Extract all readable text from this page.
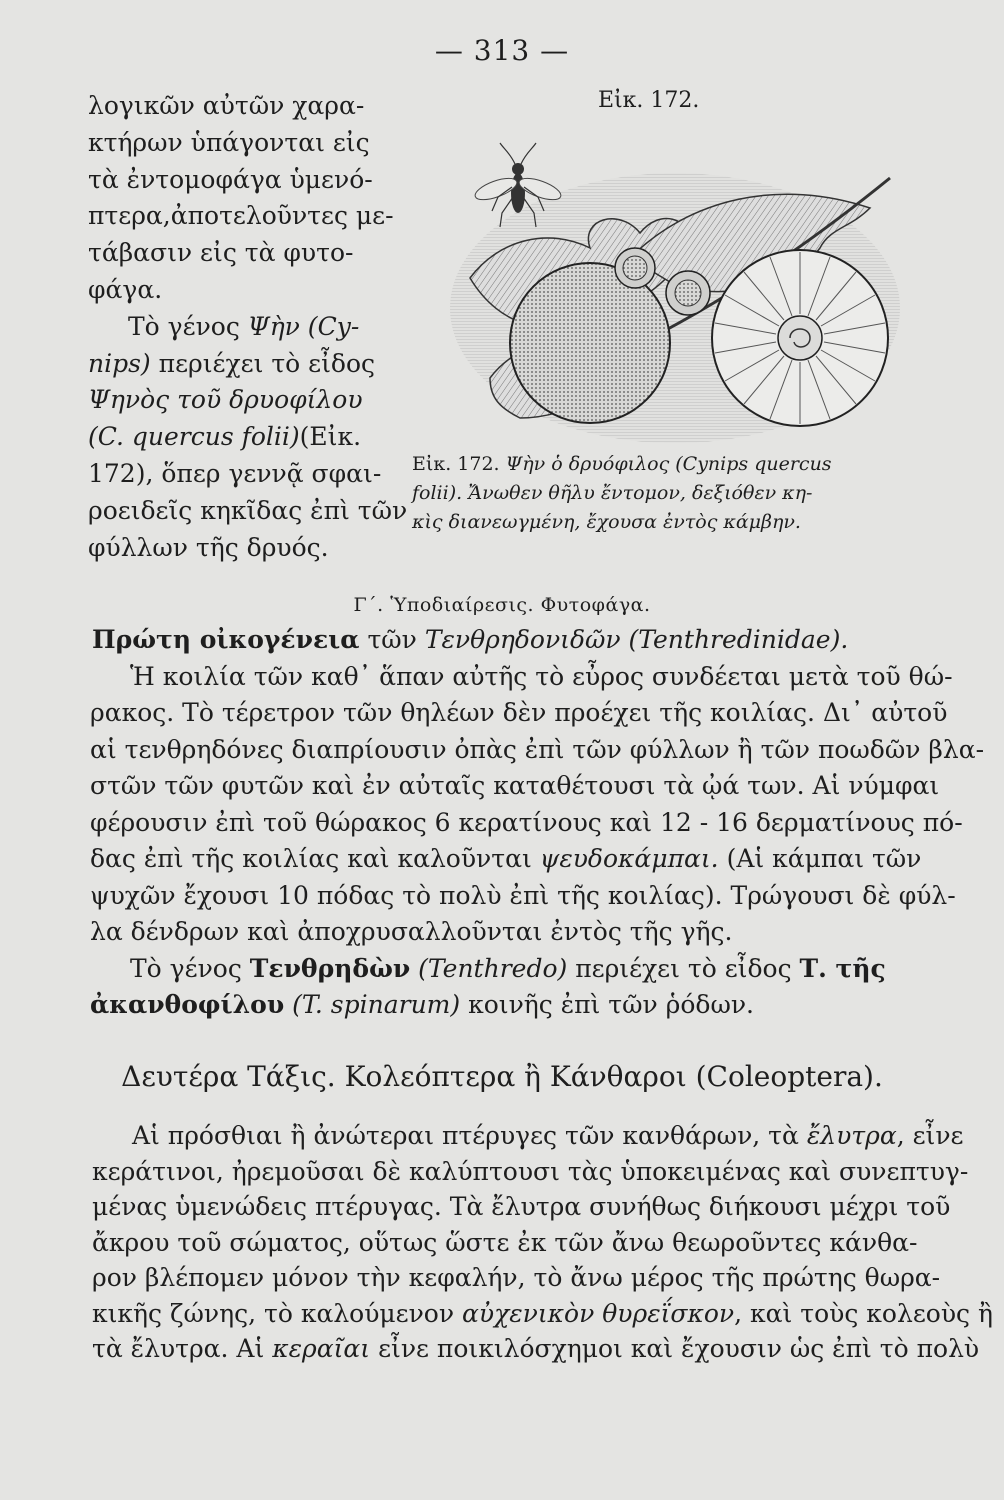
— 313 —
λογικῶν αὐτῶν χαρα-
κτήρων ὑπάγονται εἰς
τὰ ἐντομοφάγα ὑμενό-
πτερα,ἀποτελοῦντες με-
τάβασιν εἰς τὰ φυτο-
φάγα.
Τὸ γένος Ψὴν (Cy-
nips) περιέχει τὸ εἶδος
Ψηνὸς τοῦ δρυοφίλου
(C. quercus folii)(Εἰκ.
172), ὅπερ γεννᾷ σφαι-
ροειδεῖς κηκῖδας ἐπὶ τῶν
φύλλων τῆς δρυός.
Εἰκ. 172.
Εἰκ. 172. Ψὴν ὁ δρυόφιλος (Cynips quercus
folii). Ἄνωθεν θῆλυ ἔντομον, δεξιόθεν κη-
κὶς διανεωγμένη, ἔχουσα ἐντὸς κάμβην.
Γ΄. Ὑποδιαίρεσις. Φυτοφάγα.
Πρώτη οἰκογένεια τῶν Τενθρηδονιδῶν (Tenthredinidae).
Ἡ κοιλία τῶν καθ᾽ ἅπαν αὐτῆς τὸ εὖρος συνδέεται μετὰ τοῦ θώ-
ρακος. Τὸ τέρετρον τῶν θηλέων δὲν προέχει τῆς κοιλίας. Δι᾽ αὐτοῦ
αἱ τενθρηδόνες διαπρίουσιν ὀπὰς ἐπὶ τῶν φύλλων ἢ τῶν ποωδῶν βλα-
στῶν τῶν φυτῶν καὶ ἐν αὐταῖς καταθέτουσι τὰ ᾠά των. Αἱ νύμφαι
φέρουσιν ἐπὶ τοῦ θώρακος 6 κερατίνους καὶ 12 - 16 δερματίνους πό-
δας ἐπὶ τῆς κοιλίας καὶ καλοῦνται ψευδοκάμπαι. (Αἱ κάμπαι τῶν
ψυχῶν ἔχουσι 10 πόδας τὸ πολὺ ἐπὶ τῆς κοιλίας). Τρώγουσι δὲ φύλ-
λα δένδρων καὶ ἀποχρυσαλλοῦνται ἐντὸς τῆς γῆς.
Τὸ γένος Τενθρηδὼν (Tenthredo) περιέχει τὸ εἶδος Τ. τῆς
ἀκανθοφίλου (T. spinarum) κοινῆς ἐπὶ τῶν ῥόδων.
Δευτέρα Τάξις. Κολεόπτερα ἢ Κάνθαροι (Coleoptera).
Αἱ πρόσθιαι ἢ ἀνώτεραι πτέρυγες τῶν κανθάρων, τὰ ἔλυτρα, εἶνε
κεράτινοι, ἠρεμοῦσαι δὲ καλύπτουσι τὰς ὑποκειμένας καὶ συνεπτυγ-
μένας ὑμενώδεις πτέρυγας. Τὰ ἔλυτρα συνήθως διήκουσι μέχρι τοῦ
ἄκρου τοῦ σώματος, οὕτως ὥστε ἐκ τῶν ἄνω θεωροῦντες κάνθα-
ρον βλέπομεν μόνον τὴν κεφαλήν, τὸ ἄνω μέρος τῆς πρώτης θωρα-
κικῆς ζώνης, τὸ καλούμενον αὐχενικὸν θυρεΐσκον, καὶ τοὺς κολεοὺς ἢ
τὰ ἔλυτρα. Αἱ κεραῖαι εἶνε ποικιλόσχημοι καὶ ἔχουσιν ὡς ἐπὶ τὸ πολὺ
